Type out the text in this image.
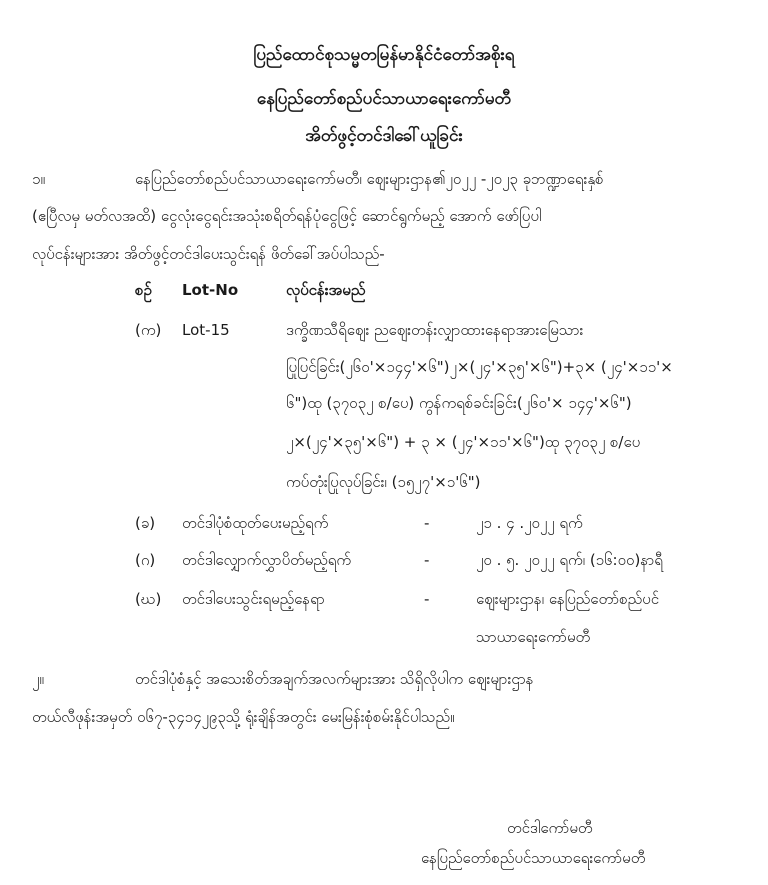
ပြည်ထောင်စုသမ္မတမြန်မာနိုင်ငံတော်အစိုးရ
နေပြည်တော်စည်ပင်သာယာရေးကော်မတီ
အိတ်ဖွင့်တင်ဒါခေါ်ယူခြင်း
၁။	နေပြည်တော်စည်ပင်သာယာရေးကော်မတီ၊ ဈေးများဌာန၏၂၀၂၂ -၂၀၂၃ ခုဘဏ္ဍာရေးနှစ်
(ဧပြီလမှ မတ်လအထိ) ငွေလုံးငွေရင်းအသုံးစရိတ်ရန်ပုံငွေဖြင့် ဆောင်ရွက်မည့် အောက် ဖော်ပြပါ
လုပ်ငန်းများအား အိတ်ဖွင့်တင်ဒါပေးသွင်းရန် ဖိတ်ခေါ်အပ်ပါသည်-
စဉ် Lot-No	လုပ်ငန်းအမည်
(က) Lot-15	ဒက္ခိဏသီရိဈေး ညဈေးတန်းလျှာထားနေရာအားမြေသား
ပြုပြင်ခြင်း(၂၆၀'×၁၄၄'×၆")၂×(၂၄'×၃၅'×၆")+၃× (၂၄'×၁၁'×
၆")ထု (၃၇၀၃၂ စ/ပေ) ကွန်ကရစ်ခင်းခြင်း(၂၆၀'× ၁၄၄'×၆")
၂×(၂၄'×၃၅'×၆") + ၃ × (၂၄'×၁၁'×၆")ထု ၃၇၀၃၂ စ/ပေ
ကပ်တုံးပြုလုပ်ခြင်း၊ (၁၅၂၇'×၁'၆")
(ခ) တင်ဒါပုံစံထုတ်ပေးမည့်ရက်	-	၂၁ . ၄ .၂၀၂၂ ရက်
(ဂ) တင်ဒါလျှောက်လွှာပိတ်မည့်ရက်	-	၂၀ . ၅. ၂၀၂၂ ရက်၊ (၁၆:၀၀)နာရီ
(ဃ) တင်ဒါပေးသွင်းရမည့်နေရာ	-	ဈေးများဌာန၊ နေပြည်တော်စည်ပင်
သာယာရေးကော်မတီ
၂။	တင်ဒါပုံစံနှင့် အသေးစိတ်အချက်အလက်များအား သိရှိလိုပါက ဈေးများဌာန
တယ်လီဖုန်းအမှတ် ၀၆၇-၃၄၁၄၂၉၃သို့ ရုံးချိန်အတွင်း မေးမြန်းစုံစမ်းနိုင်ပါသည်။
တင်ဒါကော်မတီ
နေပြည်တော်စည်ပင်သာယာရေးကော်မတီ
